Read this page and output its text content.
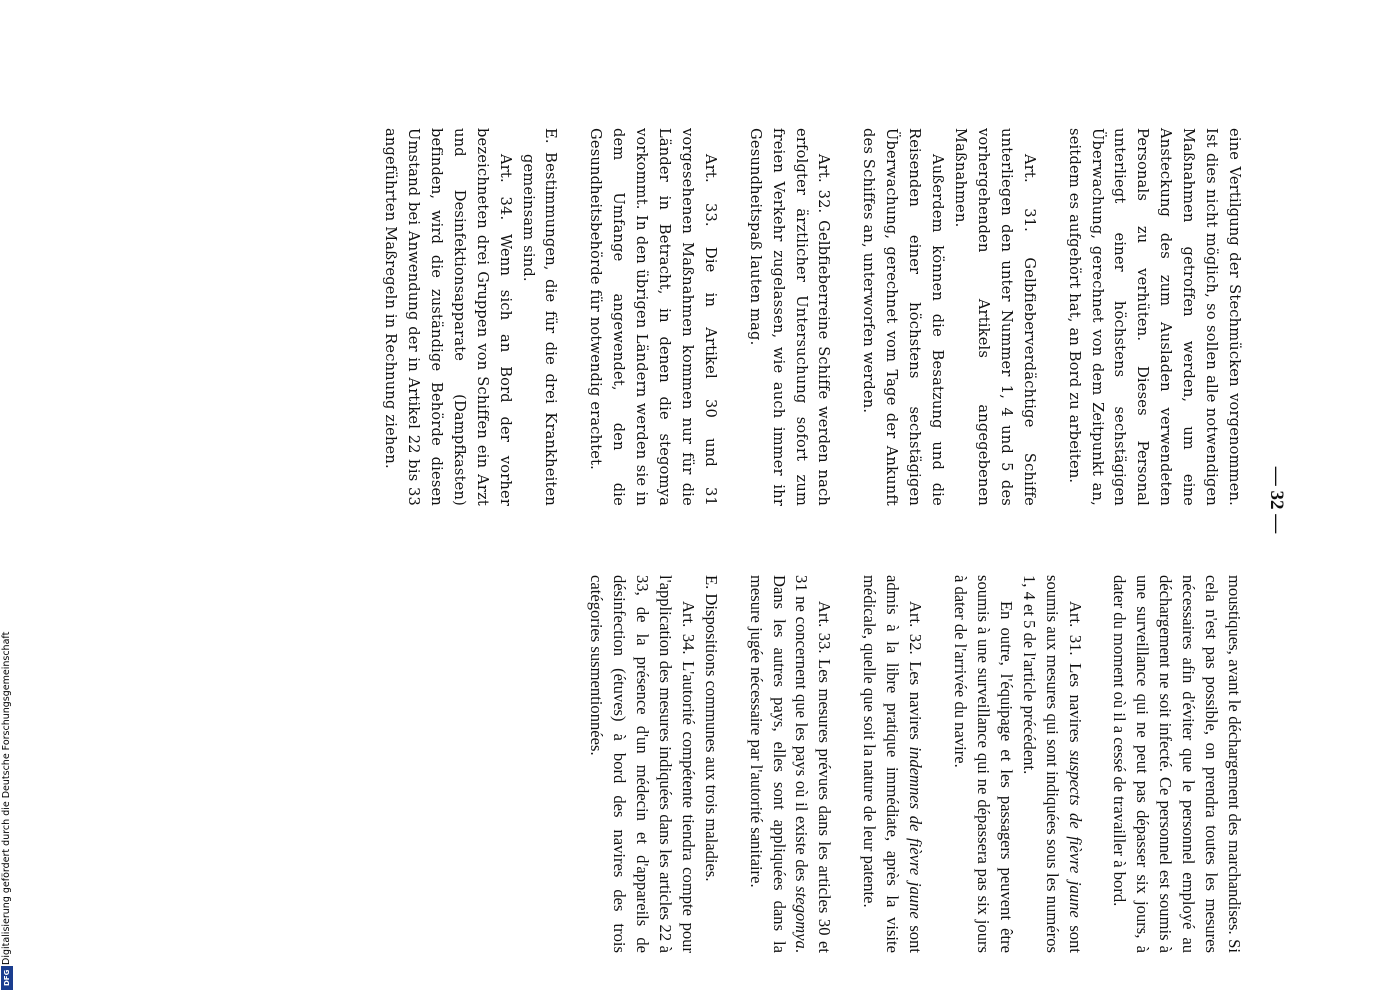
— 32 —

eine Vertilgung der Stechmücken vorgenommen. Ist dies nicht möglich, so sollen alle notwendigen Maßnahmen getroffen werden, um eine Ansteckung des zum Ausladen verwendeten Personals zu verhüten. Dieses Personal unterliegt einer höchstens sechstägigen Überwachung, gerechnet von dem Zeitpunkt an, seitdem es aufgehört hat, an Bord zu arbeiten.

Art. 31. Gelbfieberverdächtige Schiffe unterliegen den unter Nummer 1, 4 und 5 des vorhergehenden Artikels angegebenen Maßnahmen.

Außerdem können die Besatzung und die Reisenden einer höchstens sechstägigen Überwachung, gerechnet vom Tage der Ankunft des Schiffes an, unterworfen werden.

Art. 32. Gelbfieberreine Schiffe werden nach erfolgter ärztlicher Untersuchung sofort zum freien Verkehr zugelassen, wie auch immer ihr Gesundheitspaß lauten mag.

Art. 33. Die in Artikel 30 und 31 vorgesehenen Maßnahmen kommen nur für die Länder in Betracht, in denen die stegomya vorkommt. In den übrigen Ländern werden sie in dem Umfange angewendet, den die Gesundheitsbehörde für notwendig erachtet.

E. Bestimmungen, die für die drei Krankheiten gemeinsam sind.

Art. 34. Wenn sich an Bord der vorher bezeichneten drei Gruppen von Schiffen ein Arzt und Desinfektionsapparate (Dampfkasten) befinden, wird die zuständige Behörde diesen Umstand bei Anwendung der in Artikel 22 bis 33 angeführten Maßregeln in Rechnung ziehen.

moustiques, avant le déchargement des marchandises. Si cela n'est pas possible, on prendra toutes les mesures nécessaires afin d'éviter que le personnel employé au déchargement ne soit infecté. Ce personnel est soumis à une surveillance qui ne peut pas dépasser six jours, à dater du moment où il a cessé de travailler à bord.

Art. 31. Les navires suspects de fièvre jaune sont soumis aux mesures qui sont indiquées sous les numéros 1, 4 et 5 de l'article précédent.

En outre, l'équipage et les passagers peuvent être soumis à une surveillance qui ne dépassera pas six jours à dater de l'arrivée du navire.

Art. 32. Les navires indemnes de fièvre jaune sont admis à la libre pratique immédiate, après la visite médicale, quelle que soit la nature de leur patente.

Art. 33. Les mesures prévues dans les articles 30 et 31 ne concernent que les pays où il existe des stegomya. Dans les autres pays, elles sont appliquées dans la mesure jugée nécessaire par l'autorité sanitaire.

E. Dispositions communes aux trois maladies.

Art. 34. L'autorité compétente tiendra compte pour l'application des mesures indiquées dans les articles 22 à 33, de la présence d'un médecin et d'appareils de désinfection (étuves) à bord des navires des trois catégories susmentionnées.

Digitalisierung gefördert durch die Deutsche Forschungsgemeinschaft
DFG
